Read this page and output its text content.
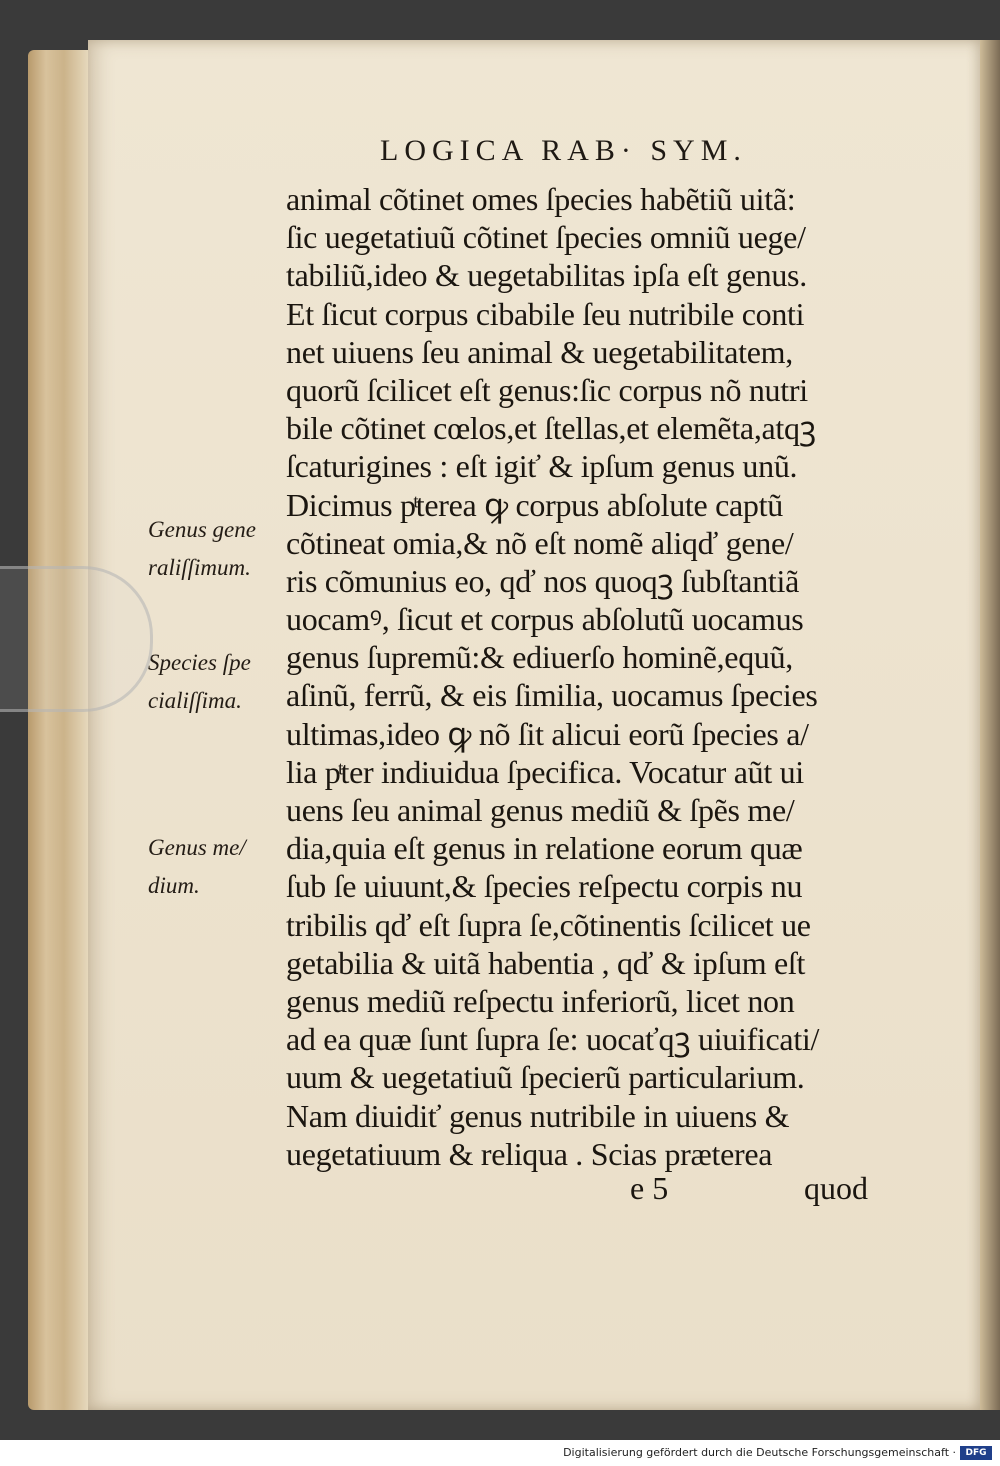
LOGICA RAB· SYM.
animal cõtinet omes ſpecies habẽtiũ uitã:
ſic uegetatiuũ cõtinet ſpecies omniũ uege/
tabiliũ,ideo & uegetabilitas ipſa eſt genus.
Et ſicut corpus cibabile ſeu nutribile conti
net uiuens ſeu animal & uegetabilitatem,
quorũ ſcilicet eſt genus:ſic corpus nõ nutri
bile cõtinet cœlos,et ſtellas,et elemẽta,atqꝫ
ſcaturigines : eſt igiť & ipſum genus unũ.
Dicimus pͭterea ꝙ corpus abſolute captũ
cõtineat omia,& nõ eſt nomẽ aliqď gene/
ris cõmunius eo, qď nos quoqꝫ ſubſtantiã
uocamꝰ, ſicut et corpus abſolutũ uocamus
genus ſupremũ:& ediuerſo hominẽ,equũ,
aſinũ, ferrũ, & eis ſimilia, uocamus ſpecies
ultimas,ideo ꝙ nõ ſit alicui eorũ ſpecies a/
lia pͭter indiuidua ſpecifica. Vocatur aũt ui
uens ſeu animal genus mediũ & ſpẽs me/
dia,quia eſt genus in relatione eorum quæ
ſub ſe uiuunt,& ſpecies reſpectu corpis nu
tribilis qď eſt ſupra ſe,cõtinentis ſcilicet ue
getabilia & uitã habentia , qď & ipſum eſt
genus mediũ reſpectu inferiorũ, licet non
ad ea quæ ſunt ſupra ſe: uocaťqꝫ uiuificati/
uum & uegetatiuũ ſpecierũ particularium.
Nam diuidiť genus nutribile in uiuens &
uegetatiuum & reliqua . Scias præterea
Genus gene
raliſſimum.
Species ſpe
cialiſſima.
Genus me/
dium.
e 5	quod
Digitalisierung gefördert durch die Deutsche Forschungsgemeinschaft ·	DFG
